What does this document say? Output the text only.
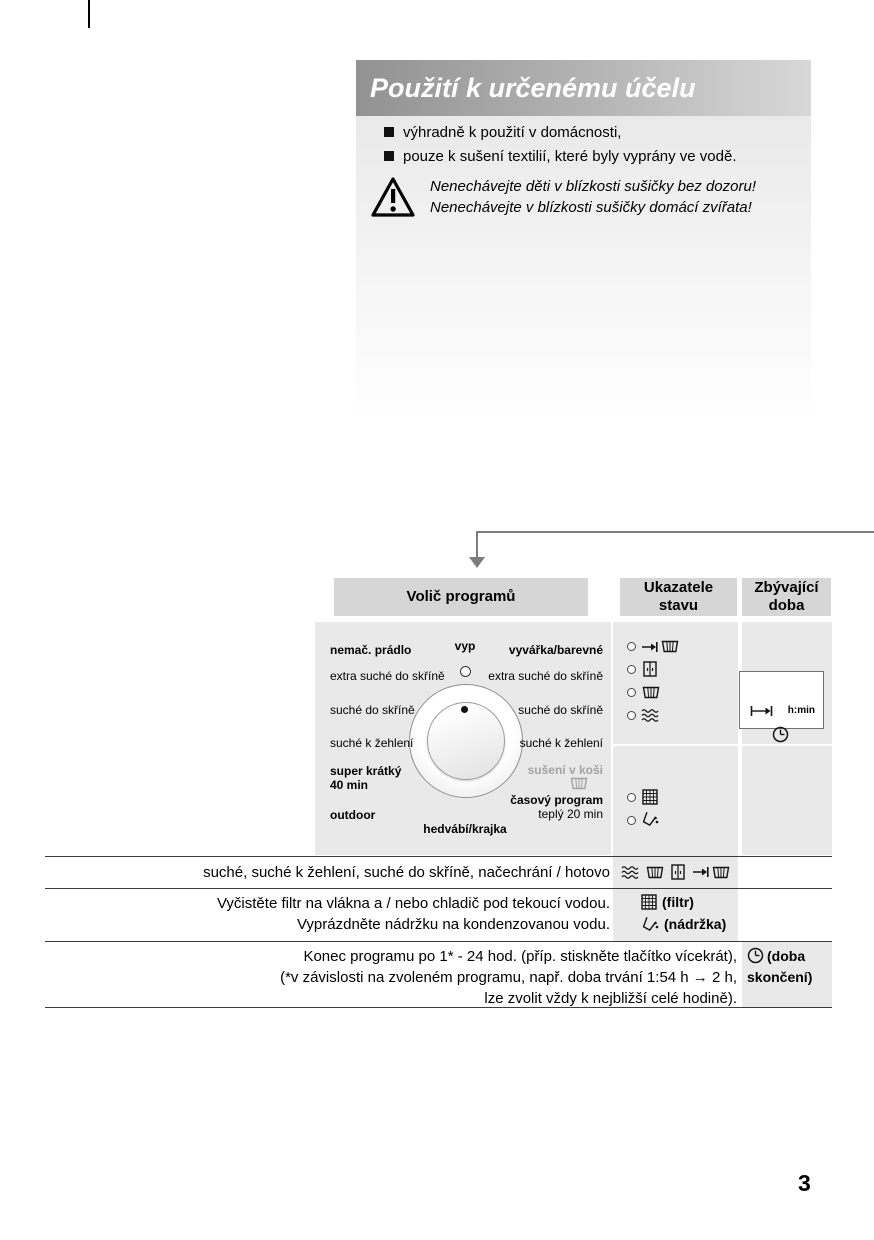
Použití k určenému účelu
výhradně k použití v domácnosti,
pouze k sušení textilií, které byly vyprány ve vodě.
Nenechávejte děti v blízkosti sušičky bez dozoru!
Nenechávejte v blízkosti sušičky domácí zvířata!
Volič programů
Ukazatele stavu
Zbývající doba
vyp
nemač. prádlo
extra suché do skříně
suché do skříně
suché k žehlení
super krátký
40 min
outdoor
vyvářka/barevné
extra suché do skříně
suché do skříně
suché k žehlení
sušení v koši
časový program
teplý 20 min
hedvábí/krajka
h:min
suché, suché k žehlení, suché do skříně, načechrání / hotovo
Vyčistěte filtr na vlákna a / nebo chladič pod tekoucí vodou.
Vyprázdněte nádržku na kondenzovanou vodu.
(filtr)
(nádržka)
Konec programu po 1* - 24 hod. (příp. stiskněte tlačítko vícekrát),
(*v závislosti na zvoleném programu, např. doba trvání 1:54 h → 2 h,
lze zvolit vždy k nejbližší celé hodině).
(doba
skončení)
3
